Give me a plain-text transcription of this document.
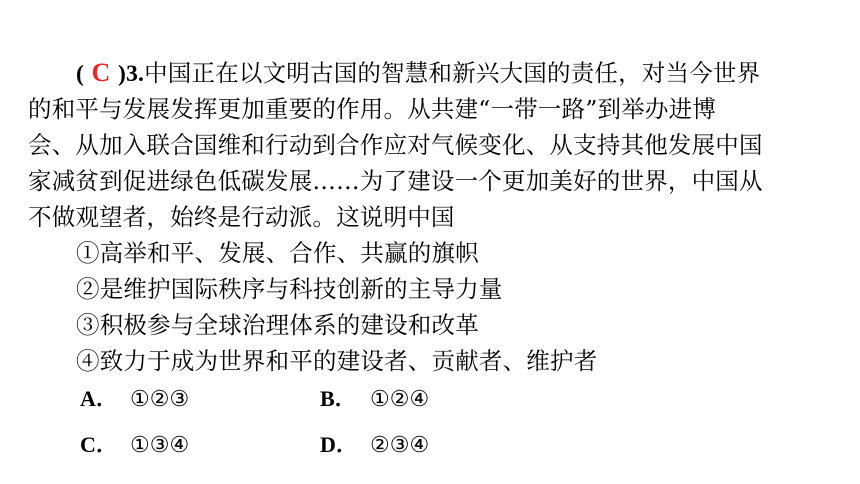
( C )3.中国正在以文明古国的智慧和新兴大国的责任，对当今世界
的和平与发展发挥更加重要的作用。从共建“一带一路”到举办进博
会、从加入联合国维和行动到合作应对气候变化、从支持其他发展中国
家减贫到促进绿色低碳发展……为了建设一个更加美好的世界，中国从
不做观望者，始终是行动派。这说明中国
①高举和平、发展、合作、共赢的旗帜
②是维护国际秩序与科技创新的主导力量
③积极参与全球治理体系的建设和改革
④致力于成为世界和平的建设者、贡献者、维护者
A． ①②③	B． ①②④
C． ①③④	D． ②③④
